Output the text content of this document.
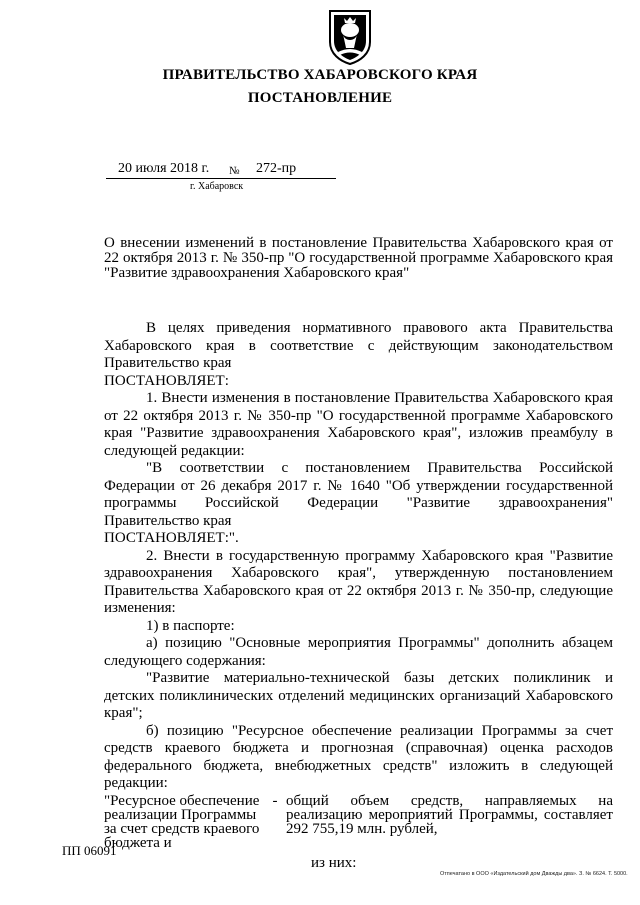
ПРАВИТЕЛЬСТВО ХАБАРОВСКОГО КРАЯ
ПОСТАНОВЛЕНИЕ
20 июля 2018 г. № 272-пр
г. Хабаровск
О внесении изменений в постановление Правительства Хабаровского края от 22 октября 2013 г. № 350-пр "О государственной программе Хабаровского края "Развитие здравоохранения Хабаровского края"

В целях приведения нормативного правового акта Правительства Хабаровского края в соответствие с действующим законодательством Правительство края

ПОСТАНОВЛЯЕТ:

1. Внести изменения в постановление Правительства Хабаровского края от 22 октября 2013 г. № 350-пр "О государственной программе Хабаровского края "Развитие здравоохранения Хабаровского края", изложив преамбулу в следующей редакции:

"В соответствии с постановлением Правительства Российской Федерации от 26 декабря 2017 г. № 1640 "Об утверждении государственной программы Российской Федерации "Развитие здравоохранения" Правительство края

ПОСТАНОВЛЯЕТ:".

2. Внести в государственную программу Хабаровского края "Развитие здравоохранения Хабаровского края", утвержденную постановлением Правительства Хабаровского края от 22 октября 2013 г. № 350-пр, следующие изменения:

1) в паспорте:

а) позицию "Основные мероприятия Программы" дополнить абзацем следующего содержания:

"Развитие материально-технической базы детских поликлиник и детских поликлинических отделений медицинских организаций Хабаровского края";

б) позицию "Ресурсное обеспечение реализации Программы за счет средств краевого бюджета и прогнозная (справочная) оценка расходов федерального бюджета, внебюджетных средств" изложить в следующей редакции:

"Ресурсное обеспечение реализации Программы за счет средств краевого бюджета и
- общий объем средств, направляемых на реализацию мероприятий Программы, составляет 292 755,19 млн. рублей,
из них:
ПП 06091
Отпечатано в ООО «Издательский дом Дважды два». З. № 6624. Т. 5000.
